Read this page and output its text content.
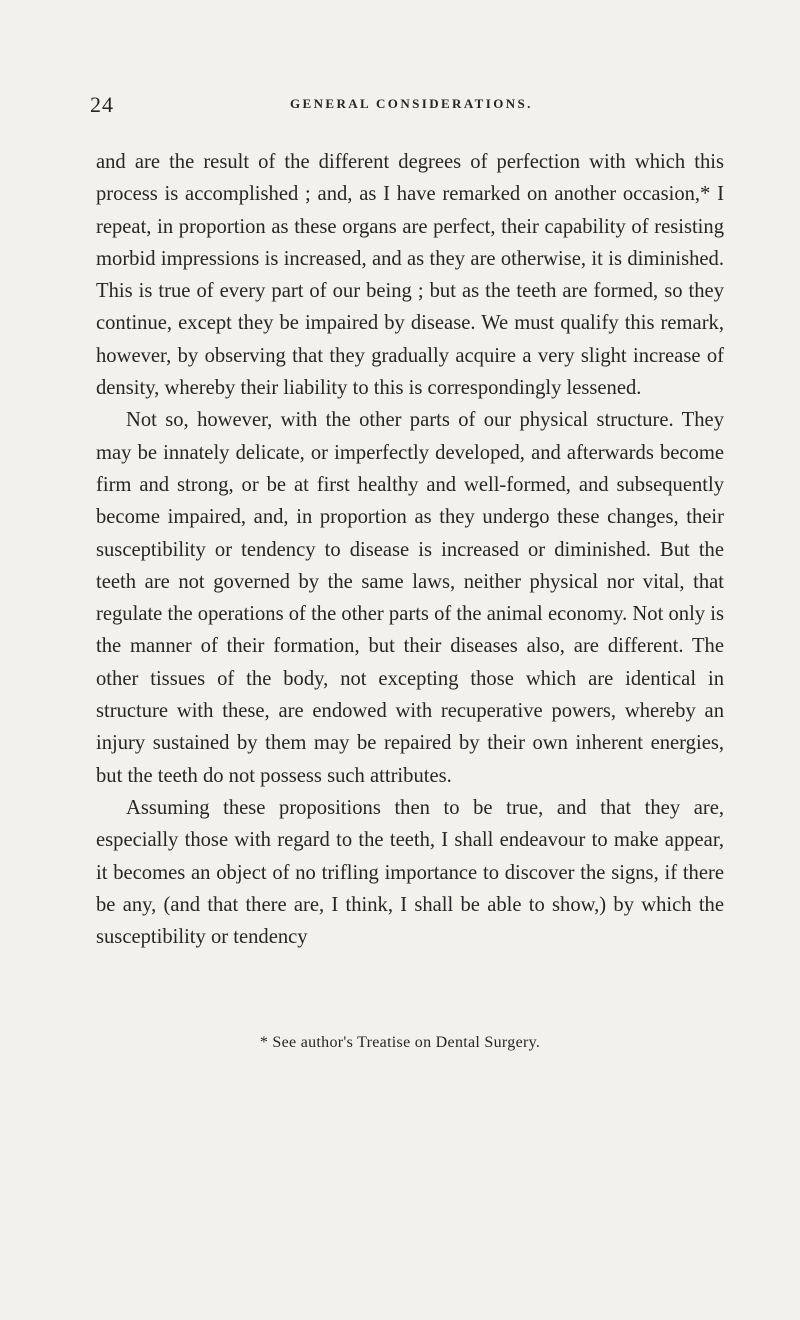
24	GENERAL CONSIDERATIONS.

and are the result of the different degrees of perfection with which this process is accomplished ; and, as I have remarked on another occasion,* I repeat, in proportion as these organs are perfect, their capability of resisting morbid impressions is increased, and as they are otherwise, it is diminished. This is true of every part of our being ; but as the teeth are formed, so they continue, except they be impaired by disease. We must qualify this remark, however, by observing that they gradually acquire a very slight increase of density, whereby their liability to this is correspondingly lessened.

Not so, however, with the other parts of our physical structure. They may be innately delicate, or imperfectly developed, and afterwards become firm and strong, or be at first healthy and well-formed, and subsequently become impaired, and, in proportion as they undergo these changes, their susceptibility or tendency to disease is increased or diminished. But the teeth are not governed by the same laws, neither physical nor vital, that regulate the operations of the other parts of the animal economy. Not only is the manner of their formation, but their diseases also, are different. The other tissues of the body, not excepting those which are identical in structure with these, are endowed with recuperative powers, whereby an injury sustained by them may be repaired by their own inherent energies, but the teeth do not possess such attributes.

Assuming these propositions then to be true, and that they are, especially those with regard to the teeth, I shall endeavour to make appear, it becomes an object of no trifling importance to discover the signs, if there be any, (and that there are, I think, I shall be able to show,) by which the susceptibility or tendency

* See author's Treatise on Dental Surgery.
